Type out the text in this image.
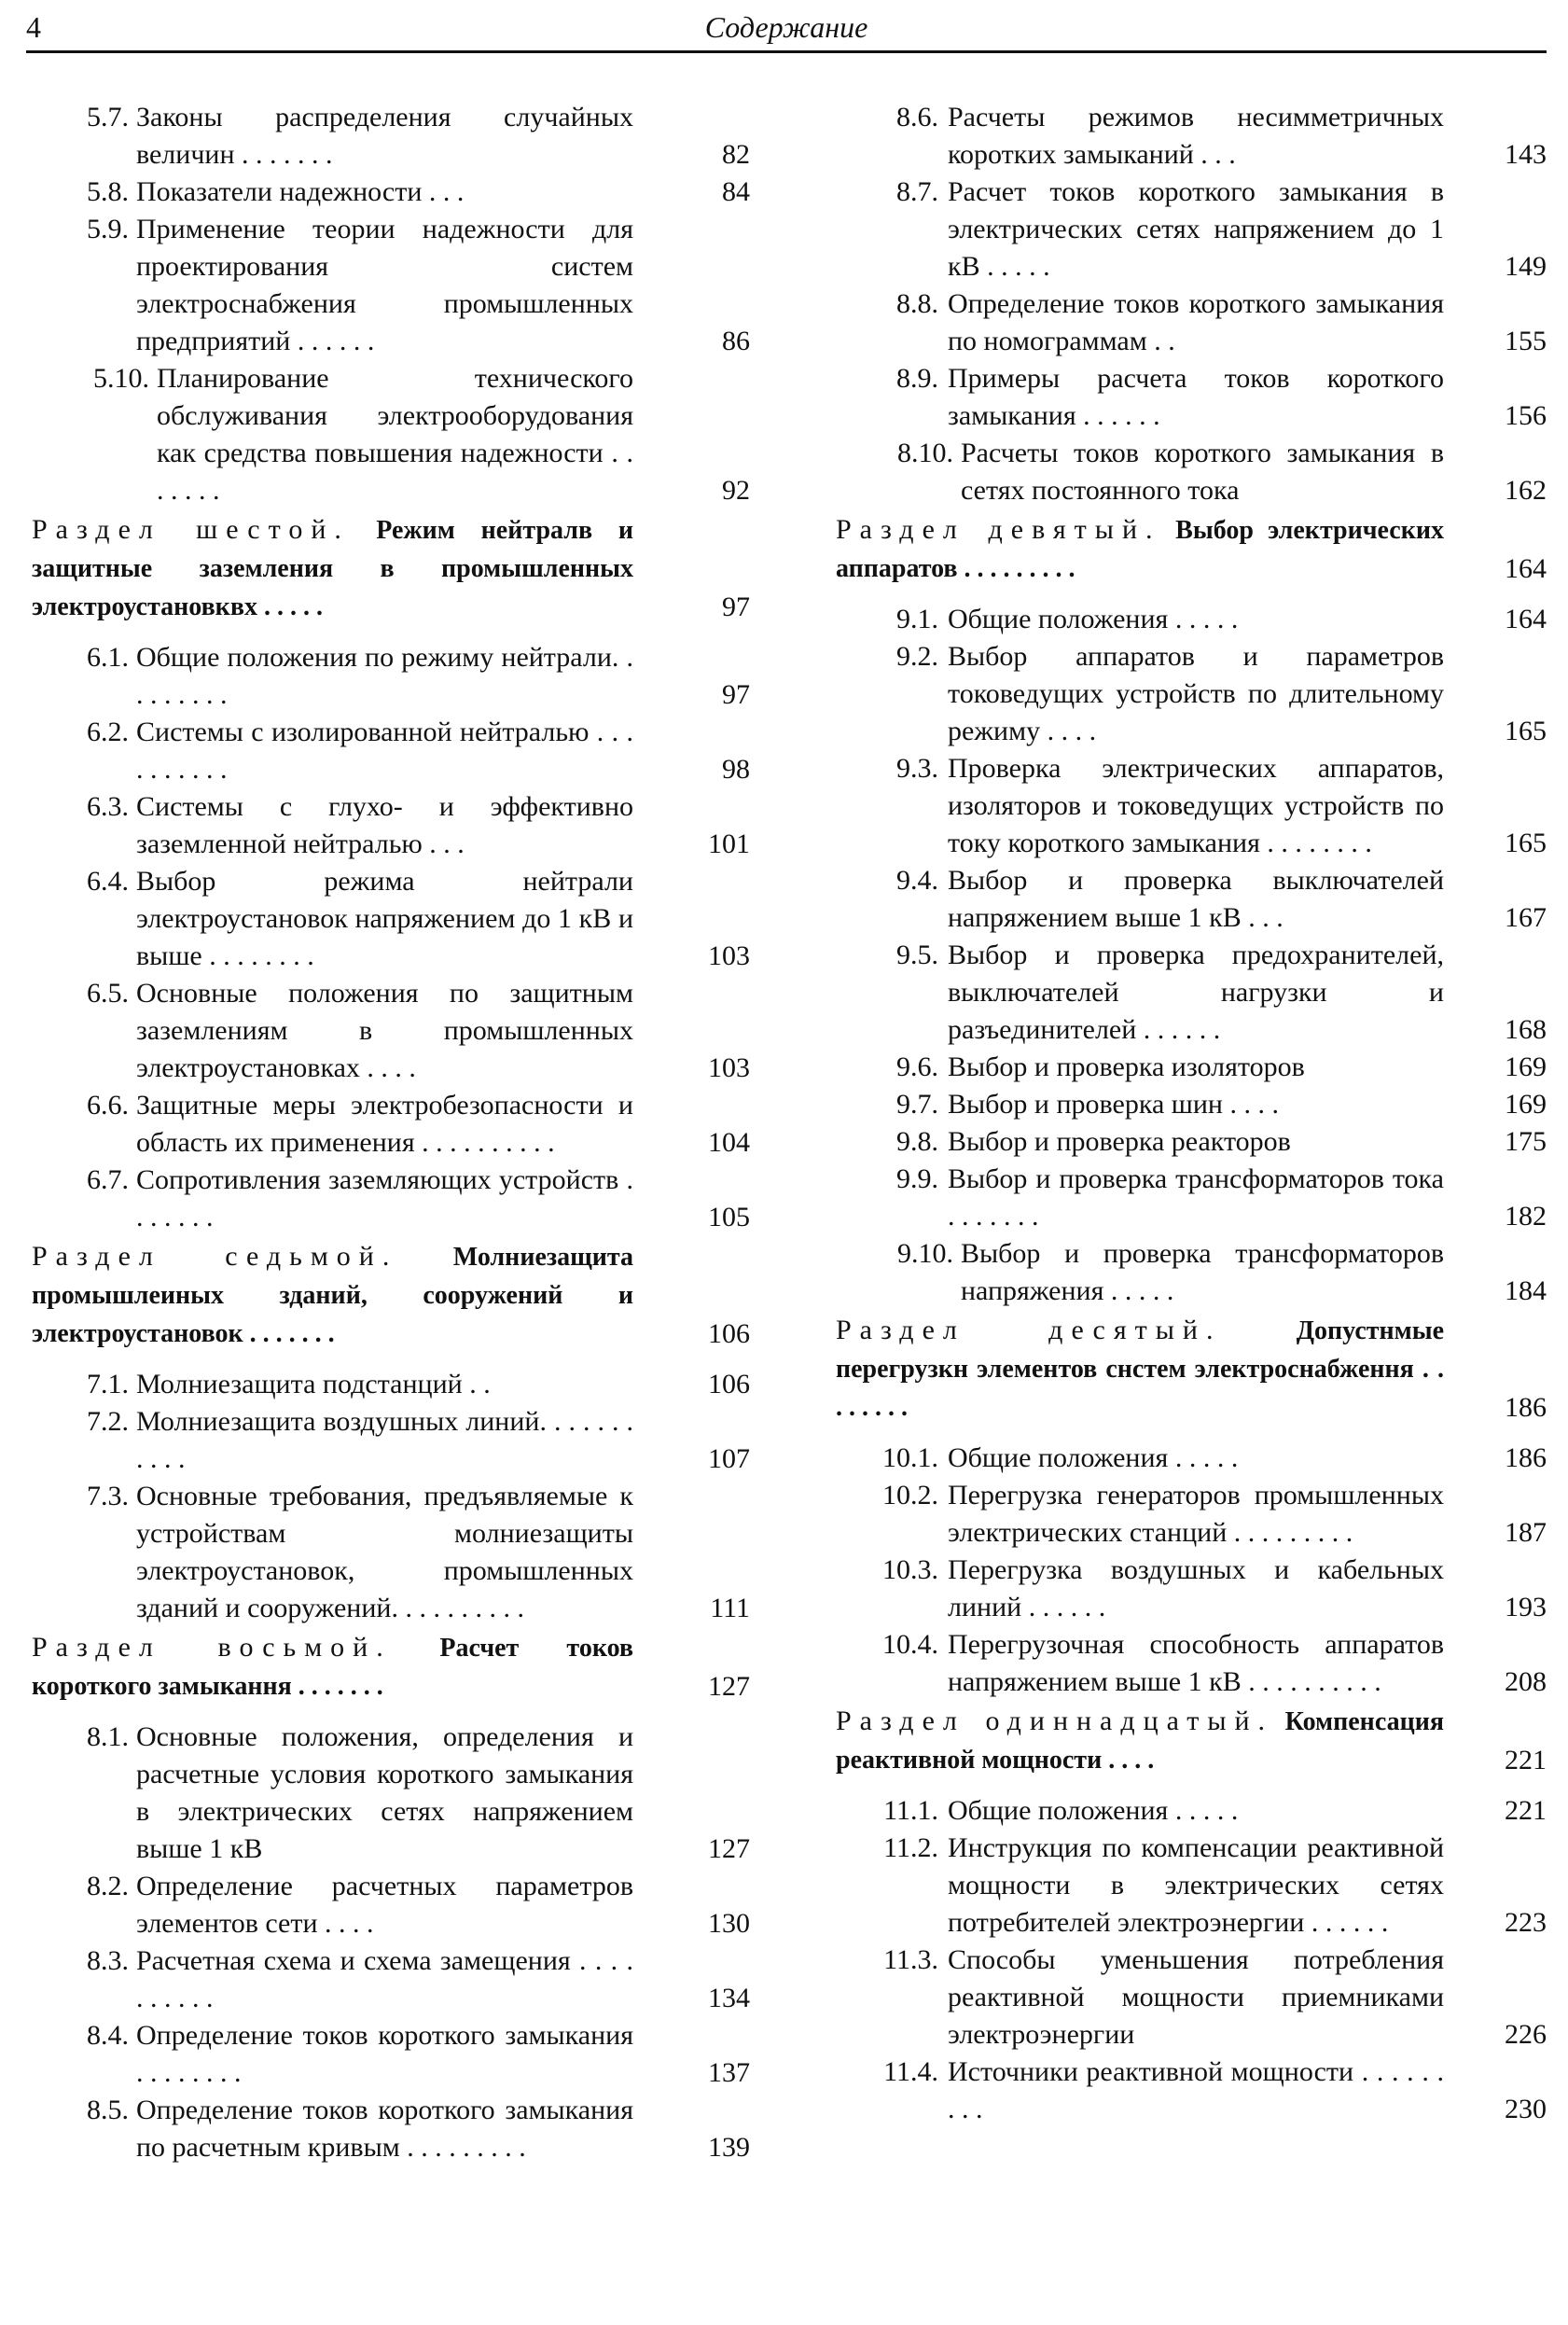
4	Содержание
5.7. Законы распределения случайных величин . . . . . . .	82
5.8. Показатели надежности . . .	84
5.9. Применение теории надежности для проектирования систем электроснабжения промышленных предприятий . . . . . .	86
5.10. Планирование технического обслуживания электрооборудования как средства повышения надежности . . . . . . .	92
Раздел шестой. Режим нейтралв и защитные заземления в промышленных электроустановквх . . . . .	97
6.1. Общие положения по режиму нейтрали. . . . . . . . .	97
6.2. Системы с изолированной нейтралью . . . . . . . . . .	98
6.3. Системы с глухо- и эффективно заземленной нейтралью . . .	101
6.4. Выбор режима нейтрали электроустановок напряжением до 1 кВ и выше . . . . . . . .	103
6.5. Основные положения по защитным заземлениям в промышленных электроустановках . . . .	103
6.6. Защитные меры электробезопасности и область их применения . . . . . . . . . .	104
6.7. Сопротивления заземляющих устройств . . . . . . .	105
Раздел седьмой. Молниезащита промышлеиных зданий, сооружений и электроустановок . . . . . . .	106
7.1. Молниезащита подстанций . .	106
7.2. Молниезащита воздушных линий. . . . . . . . . . .	107
7.3. Основные требования, предъявляемые к устройствам молниезащиты электроустановок, промышленных зданий и сооружений. . . . . . . . . .	111
Раздел восьмой. Расчет токов короткого замыкання . . . . . . .	127
8.1. Основные положения, определения и расчетные условия короткого замыкания в электрических сетях напряжением выше 1 кВ	127
8.2. Определение расчетных параметров элементов сети . . . .	130
8.3. Расчетная схема и схема замещения . . . . . . . . . .	134
8.4. Определение токов короткого замыкания . . . . . . . .	137
8.5. Определение токов короткого замыкания по расчетным кривым . . . . . . . . .	139
8.6. Расчеты режимов несимметричных коротких замыканий . . .	143
8.7. Расчет токов короткого замыкания в электрических сетях напряжением до 1 кВ . . . . .	149
8.8. Определение токов короткого замыкания по номограммам . .	155
8.9. Примеры расчета токов короткого замыкания . . . . . .	156
8.10. Расчеты токов короткого замыкания в сетях постоянного тока	162
Раздел девятый. Выбор электрических аппаратов . . . . . . . . .	164
9.1. Общие положения . . . . .	164
9.2. Выбор аппаратов и параметров токоведущих устройств по длительному режиму . . . .	165
9.3. Проверка электрических аппаратов, изоляторов и токоведущих устройств по току короткого замыкания . . . . . . . .	165
9.4. Выбор и проверка выключателей напряжением выше 1 кВ . . .	167
9.5. Выбор и проверка предохранителей, выключателей нагрузки и разъединителей . . . . . .	168
9.6. Выбор и проверка изоляторов	169
9.7. Выбор и проверка шин . . . .	169
9.8. Выбор и проверка реакторов	175
9.9. Выбор и проверка трансформаторов тока . . . . . . .	182
9.10. Выбор и проверка трансформаторов напряжения . . . . .	184
Раздел десятый.	Допустнмые перегрузкн элементов снстем электроснабження . . . . . . . .	186
10.1. Общие положения . . . . .	186
10.2. Перегрузка генераторов промышленных электрических станций . . . . . . . . .	187
10.3. Перегрузка воздушных и кабельных линий . . . . . .	193
10.4. Перегрузочная способность аппаратов напряжением выше 1 кВ . . . . . . . . . .	208
Раздел одиннадцатый. Компенсация реактивной мощности . . . .	221
11.1. Общие положения . . . . .	221
11.2. Инструкция по компенсации реактивной мощности в электрических сетях потребителей электроэнергии . . . . . .	223
11.3. Способы уменьшения потребления реактивной мощности приемниками электроэнергии	226
11.4. Источники реактивной мощности . . . . . . . . .	230
